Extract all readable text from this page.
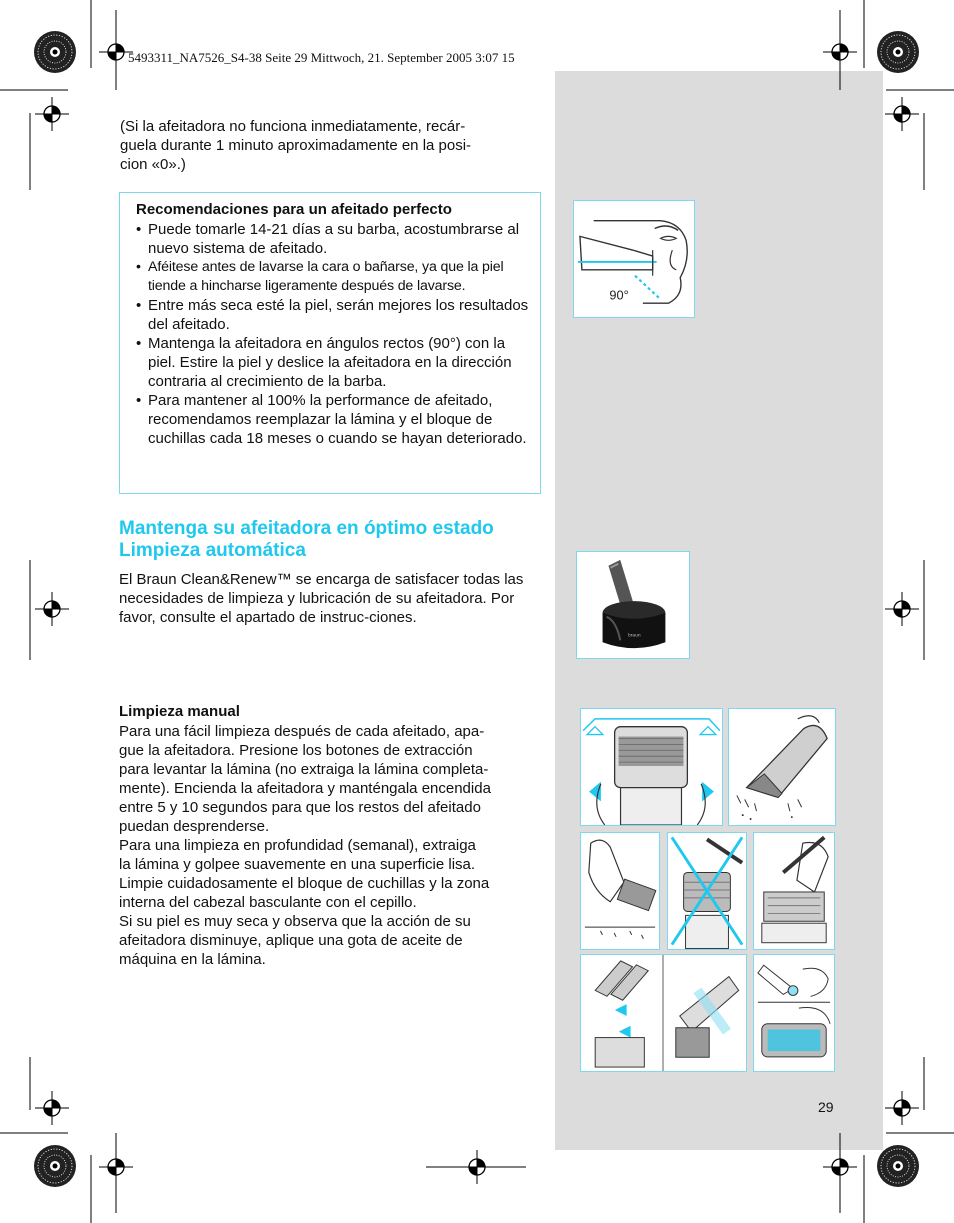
5493311_NA7526_S4-38 Seite 29 Mittwoch, 21. September 2005 3:07 15
(Si la afeitadora no funciona inmediatamente, recár-
guela durante 1 minuto aproximadamente en la posi-
cion «0».)
Recomendaciones para un afeitado perfecto
• Puede tomarle 14-21 días a su barba, acostumbrarse al nuevo sistema de afeitado.
• Aféitese antes de lavarse la cara o bañarse, ya que la piel tiende a hincharse ligeramente después de lavarse.
• Entre más seca esté la piel, serán mejores los resultados del afeitado.
• Mantenga la afeitadora en ángulos rectos (90°) con la piel. Estire la piel y deslice la afeitadora en la dirección contraria al crecimiento de la barba.
• Para mantener al 100% la performance de afeitado, recomendamos reemplazar la lámina y el bloque de cuchillas cada 18 meses o cuando se hayan deteriorado.
Mantenga su afeitadora en óptimo estado
Limpieza automática
El Braun Clean&Renew™ se encarga de satisfacer todas las necesidades de limpieza y lubricación de su afeitadora. Por favor, consulte el apartado de instruc-ciones.
Limpieza manual
Para una fácil limpieza después de cada afeitado, apa-
gue la afeitadora. Presione los botones de extracción
para levantar la lámina (no extraiga la lámina completa-
mente). Encienda la afeitadora y manténgala encendida
entre 5 y 10 segundos para que los restos del afeitado
puedan desprenderse.
Para una limpieza en profundidad (semanal), extraiga
la lámina y golpee suavemente en una superficie lisa.
Limpie cuidadosamente el bloque de cuchillas y la zona
interna del cabezal basculante con el cepillo.
Si su piel es muy seca y observa que la acción de su
afeitadora disminuye, aplique una gota de aceite de
máquina en la lámina.
90°
braun
29
